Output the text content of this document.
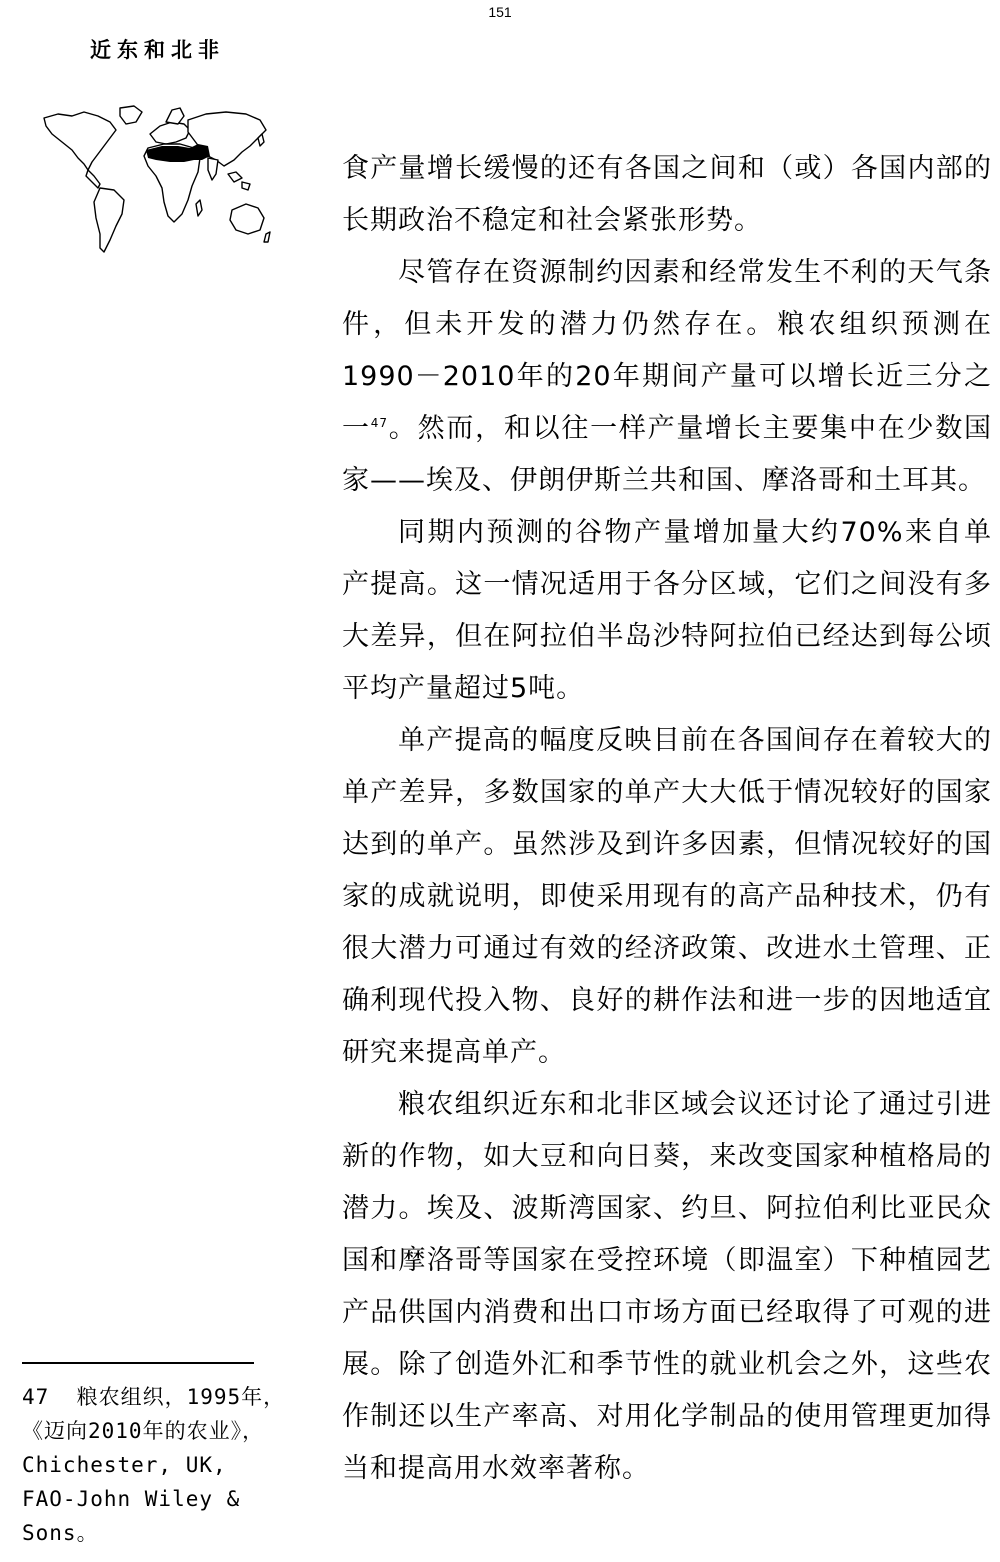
151
近东和北非

食产量增长缓慢的还有各国之间和（或）各国内部的长期政治不稳定和社会紧张形势。

尽管存在资源制约因素和经常发生不利的天气条件，但未开发的潜力仍然存在。粮农组织预测在1990－2010年的20年期间产量可以增长近三分之一$^{47}$。然而，和以往一样产量增长主要集中在少数国家——埃及、伊朗伊斯兰共和国、摩洛哥和土耳其。

同期内预测的谷物产量增加量大约70%来自单产提高。这一情况适用于各分区域，它们之间没有多大差异，但在阿拉伯半岛沙特阿拉伯已经达到每公顷平均产量超过5吨。

单产提高的幅度反映目前在各国间存在着较大的单产差异，多数国家的单产大大低于情况较好的国家达到的单产。虽然涉及到许多因素，但情况较好的国家的成就说明，即使采用现有的高产品种技术，仍有很大潜力可通过有效的经济政策、改进水土管理、正确利现代投入物、良好的耕作法和进一步的因地适宜研究来提高单产。

粮农组织近东和北非区域会议还讨论了通过引进新的作物，如大豆和向日葵，来改变国家种植格局的潜力。埃及、波斯湾国家、约旦、阿拉伯利比亚民众国和摩洛哥等国家在受控环境（即温室）下种植园艺产品供国内消费和出口市场方面已经取得了可观的进展。除了创造外汇和季节性的就业机会之外，这些农作制还以生产率高、对用化学制品的使用管理更加得当和提高用水效率著称。

47 粮农组织，1995年，《迈向2010年的农业》，Chichester, UK, FAO-John Wiley & Sons。
